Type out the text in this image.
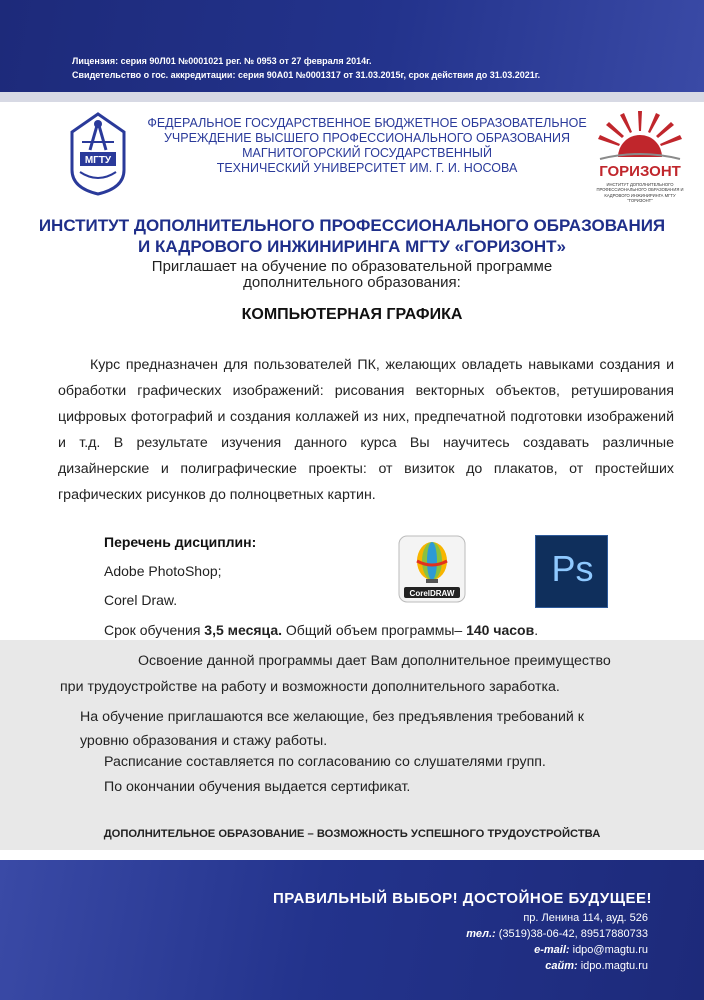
Лицензия: серия 90Л01 №0001021 рег. № 0953 от 27 февраля 2014г.
Свидетельство о гос. аккредитации: серия 90А01 №0001317 от 31.03.2015г, срок действия до 31.03.2021г.
МГТУ
ФЕДЕРАЛЬНОЕ ГОСУДАРСТВЕННОЕ БЮДЖЕТНОЕ ОБРАЗОВАТЕЛЬНОЕ
УЧРЕЖДЕНИЕ ВЫСШЕГО ПРОФЕССИОНАЛЬНОГО ОБРАЗОВАНИЯ
МАГНИТОГОРСКИЙ ГОСУДАРСТВЕННЫЙ
ТЕХНИЧЕСКИЙ УНИВЕРСИТЕТ ИМ. Г. И. НОСОВА	ГОРИЗОНТ
ИНСТИТУТ ДОПОЛНИТЕЛЬНОГО ПРОФЕССИОНАЛЬНОГО ОБРАЗОВАНИЯ И КАДРОВОГО ИНЖИНИРИНГА МГТУ "ГОРИЗОНТ"
ИНСТИТУТ ДОПОЛНИТЕЛЬНОГО ПРОФЕССИОНАЛЬНОГО ОБРАЗОВАНИЯ
И КАДРОВОГО ИНЖИНИРИНГА МГТУ «ГОРИЗОНТ»
Приглашает на обучение по образовательной программе
дополнительного образования:
КОМПЬЮТЕРНАЯ ГРАФИКА

Курс предназначен для пользователей ПК, желающих овладеть навыками создания и обработки графических изображений: рисования векторных объектов, ретуширования цифровых фотографий и создания коллажей из них, предпечатной подготовки изображений и т.д. В результате изучения данного курса Вы научитесь создавать различные дизайнерские и полиграфические проекты: от визиток до плакатов, от простейших графических рисунков до полноцветных картин.

Перечень дисциплин:
Adobe PhotoShop;
Corel Draw.	CorelDRAW
Ps
Срок обучения 3,5 месяца. Общий объем программы– 140 часов.
Освоение данной программы дает Вам дополнительное преимущество
при трудоустройстве на работу и возможности дополнительного заработка.
На обучение приглашаются все желающие, без предъявления требований к
уровню образования и стажу работы.
Расписание составляется по согласованию со слушателями групп.
По окончании обучения выдается сертификат.
ДОПОЛНИТЕЛЬНОЕ ОБРАЗОВАНИЕ – ВОЗМОЖНОСТЬ УСПЕШНОГО ТРУДОУСТРОЙСТВА
ПРАВИЛЬНЫЙ ВЫБОР! ДОСТОЙНОЕ БУДУЩЕЕ!
пр. Ленина 114, ауд. 526
тел.: (3519)38-06-42, 89517880733
e-mail: idpo@magtu.ru
сайт: idpo.magtu.ru
